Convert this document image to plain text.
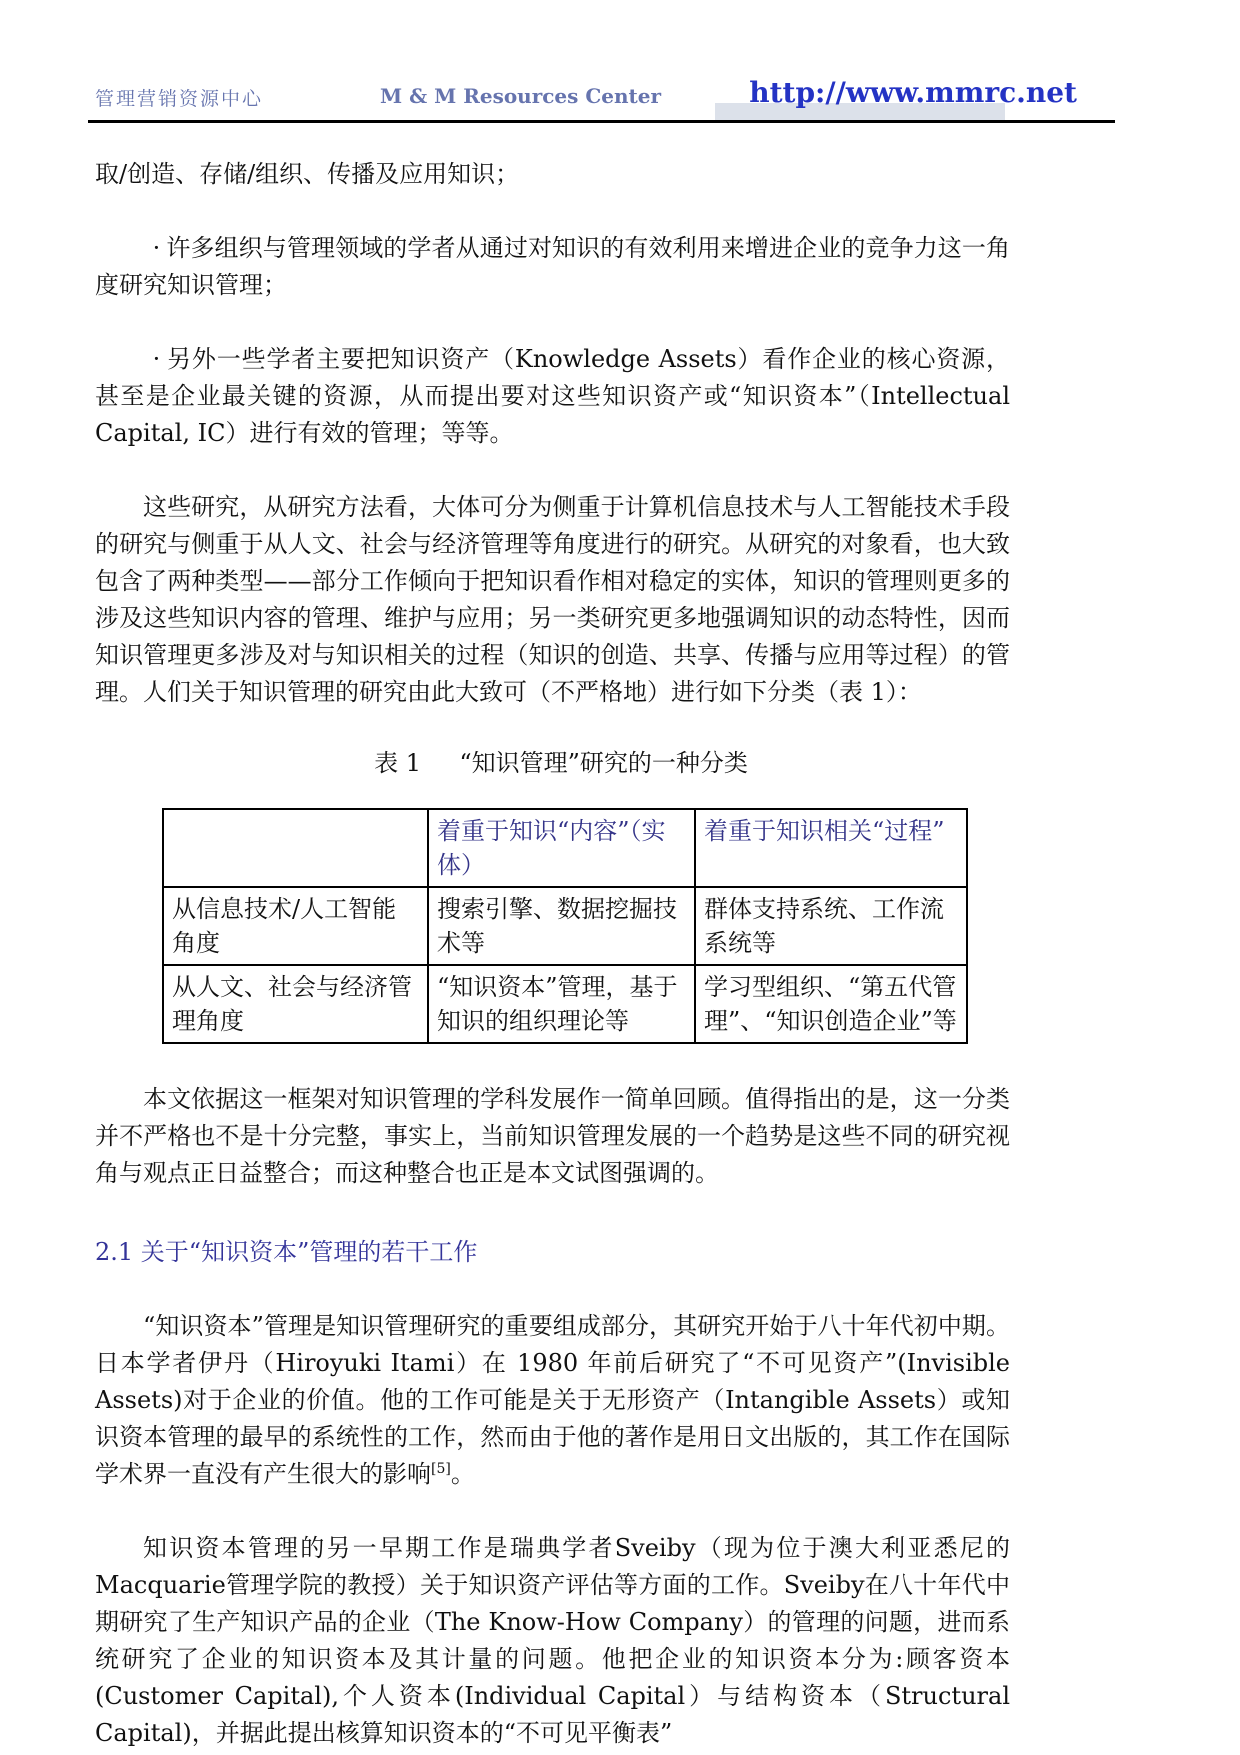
管理营销资源中心	M & M Resources Center	http://www.mmrc.net

取/创造、存储/组织、传播及应用知识；

· 许多组织与管理领域的学者从通过对知识的有效利用来增进企业的竞争力这一角度研究知识管理；

· 另外一些学者主要把知识资产（Knowledge Assets）看作企业的核心资源，甚至是企业最关键的资源，从而提出要对这些知识资产或“知识资本”（Intellectual Capital, IC）进行有效的管理；等等。

这些研究，从研究方法看，大体可分为侧重于计算机信息技术与人工智能技术手段的研究与侧重于从人文、社会与经济管理等角度进行的研究。从研究的对象看，也大致包含了两种类型——部分工作倾向于把知识看作相对稳定的实体，知识的管理则更多的涉及这些知识内容的管理、维护与应用；另一类研究更多地强调知识的动态特性，因而知识管理更多涉及对与知识相关的过程（知识的创造、共享、传播与应用等过程）的管理。人们关于知识管理的研究由此大致可（不严格地）进行如下分类（表 1）：

表 1 “知识管理”研究的一种分类

	着重于知识“内容”（实体）	着重于知识相关“过程”
从信息技术/人工智能角度	搜索引擎、数据挖掘技术等	群体支持系统、工作流系统等
从人文、社会与经济管理角度	“知识资本”管理，基于知识的组织理论等	学习型组织、“第五代管理”、“知识创造企业”等

本文依据这一框架对知识管理的学科发展作一简单回顾。值得指出的是，这一分类并不严格也不是十分完整，事实上，当前知识管理发展的一个趋势是这些不同的研究视角与观点正日益整合；而这种整合也正是本文试图强调的。

2.1 关于“知识资本”管理的若干工作

“知识资本”管理是知识管理研究的重要组成部分，其研究开始于八十年代初中期。日本学者伊丹（Hiroyuki Itami）在 1980 年前后研究了“不可见资产”(Invisible Assets)对于企业的价值。他的工作可能是关于无形资产（Intangible Assets）或知识资本管理的最早的系统性的工作，然而由于他的著作是用日文出版的，其工作在国际学术界一直没有产生很大的影响[5]。

知识资本管理的另一早期工作是瑞典学者Sveiby（现为位于澳大利亚悉尼的Macquarie管理学院的教授）关于知识资产评估等方面的工作。Sveiby在八十年代中期研究了生产知识产品的企业（The Know-How Company）的管理的问题，进而系统研究了企业的知识资本及其计量的问题。他把企业的知识资本分为:顾客资本(Customer Capital),个人资本(Individual Capital）与结构资本（Structural Capital)，并据此提出核算知识资本的“不可见平衡表”
